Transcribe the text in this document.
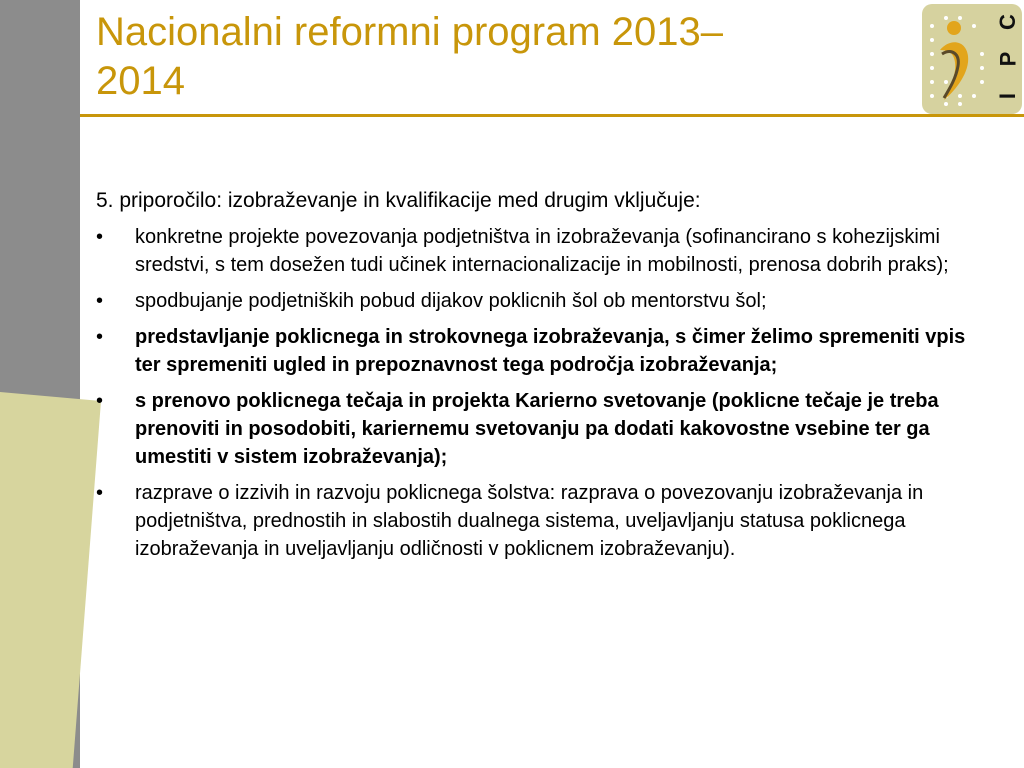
Nacionalni reformni program 2013–
2014
C
P
I

5. priporočilo: izobraževanje in kvalifikacije med drugim vključuje:

• konkretne projekte povezovanja podjetništva in izobraževanja (sofinancirano s kohezijskimi sredstvi, s tem dosežen tudi učinek internacionalizacije in mobilnosti, prenosa dobrih praks);
• spodbujanje podjetniških pobud dijakov poklicnih šol ob mentorstvu šol;
• predstavljanje poklicnega in strokovnega izobraževanja, s čimer želimo spremeniti vpis ter spremeniti ugled in prepoznavnost tega področja izobraževanja;
• s prenovo poklicnega tečaja in projekta Karierno svetovanje (poklicne tečaje je treba prenoviti in posodobiti, kariernemu svetovanju pa dodati kakovostne vsebine ter ga umestiti v sistem izobraževanja);
• razprave o izzivih in razvoju poklicnega šolstva: razprava o povezovanju izobraževanja in podjetništva, prednostih in slabostih dualnega sistema, uveljavljanju statusa poklicnega izobraževanja in uveljavljanju odličnosti v poklicnem izobraževanju).
